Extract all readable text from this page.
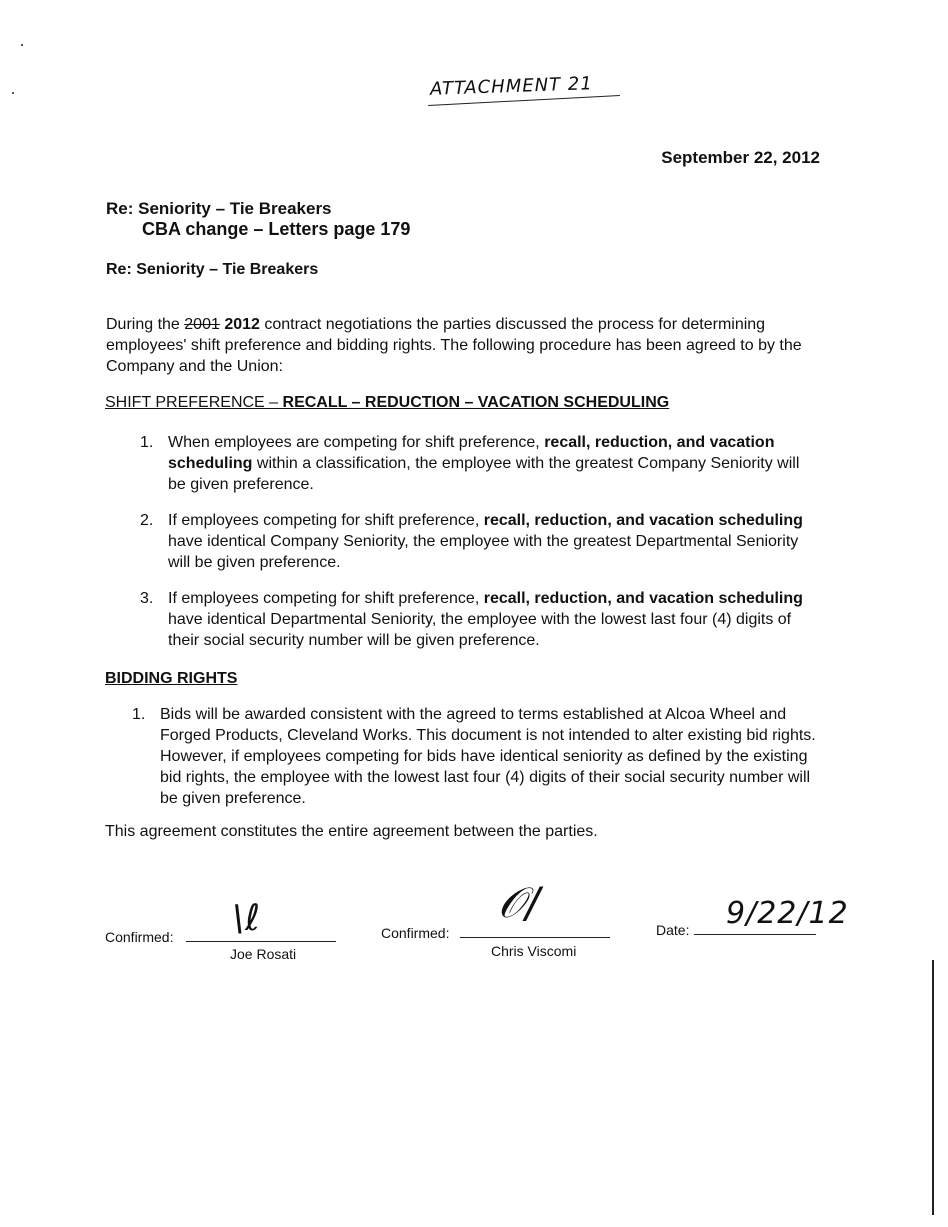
ATTACHMENT 21
September 22, 2012
Re: Seniority – Tie Breakers
CBA change – Letters page 179
Re: Seniority – Tie Breakers
During the 2001 2012 contract negotiations the parties discussed the process for determining employees' shift preference and bidding rights. The following procedure has been agreed to by the Company and the Union:
SHIFT PREFERENCE – RECALL – REDUCTION – VACATION SCHEDULING
1. When employees are competing for shift preference, recall, reduction, and vacation scheduling within a classification, the employee with the greatest Company Seniority will be given preference.
2. If employees competing for shift preference, recall, reduction, and vacation scheduling have identical Company Seniority, the employee with the greatest Departmental Seniority will be given preference.
3. If employees competing for shift preference, recall, reduction, and vacation scheduling have identical Departmental Seniority, the employee with the lowest last four (4) digits of their social security number will be given preference.
BIDDING RIGHTS
1. Bids will be awarded consistent with the agreed to terms established at Alcoa Wheel and Forged Products, Cleveland Works. This document is not intended to alter existing bid rights. However, if employees competing for bids have identical seniority as defined by the existing bid rights, the employee with the lowest last four (4) digits of their social security number will be given preference.
This agreement constitutes the entire agreement between the parties.
Confirmed: \ℓ
Joe Rosati
Confirmed:
𝒪/
Chris Viscomi
Date: 9/22/12
